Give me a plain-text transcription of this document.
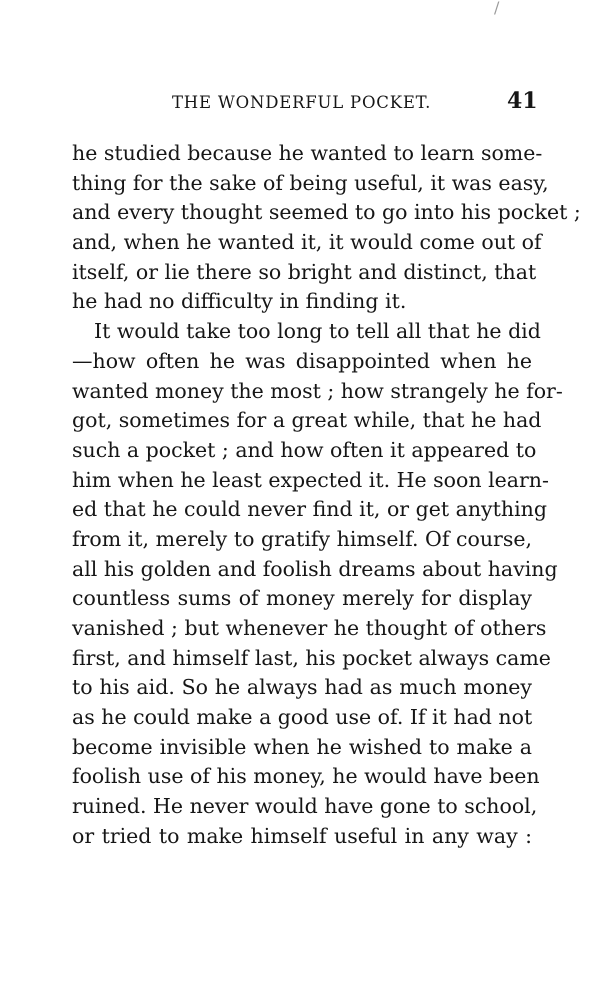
/
THE WONDERFUL POCKET.	41
he studied because he wanted to learn some-
thing for the sake of being useful, it was easy,
and every thought seemed to go into his pocket ;
and, when he wanted it, it would come out of
itself, or lie there so bright and distinct, that
he had no difficulty in finding it.
It would take too long to tell all that he did
—how often he was disappointed when he
wanted money the most ; how strangely he for-
got, sometimes for a great while, that he had
such a pocket ; and how often it appeared to
him when he least expected it. He soon learn-
ed that he could never find it, or get anything
from it, merely to gratify himself. Of course,
all his golden and foolish dreams about having
countless sums of money merely for display
vanished ; but whenever he thought of others
first, and himself last, his pocket always came
to his aid. So he always had as much money
as he could make a good use of. If it had not
become invisible when he wished to make a
foolish use of his money, he would have been
ruined. He never would have gone to school,
or tried to make himself useful in any way :
